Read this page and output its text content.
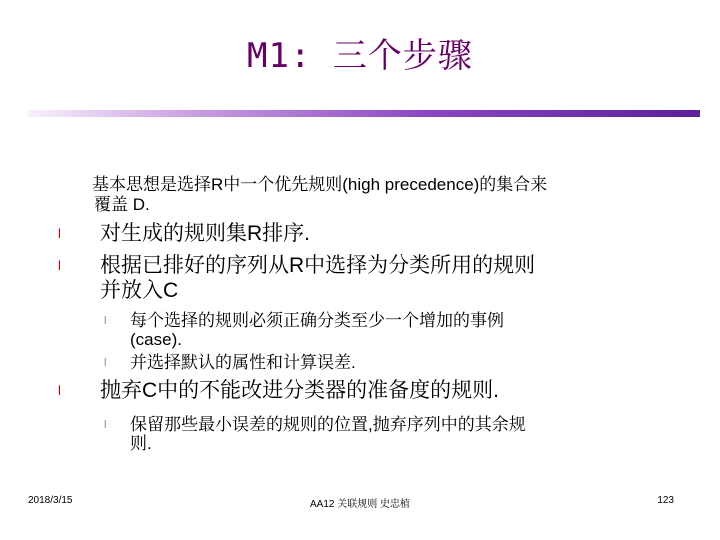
M1: 三个步骤
基本思想是选择R中一个优先规则(high precedence)的集合来
覆盖 D.
l 对生成的规则集R排序.
l 根据已排好的序列从R中选择为分类所用的规则
并放入C
l 每个选择的规则必须正确分类至少一个增加的事例
(case).
l 并选择默认的属性和计算误差.
l 抛弃C中的不能改进分类器的准备度的规则.
l 保留那些最小误差的规则的位置,抛弃序列中的其余规
则.
2018/3/15	AA12 关联规则 史忠植	123
